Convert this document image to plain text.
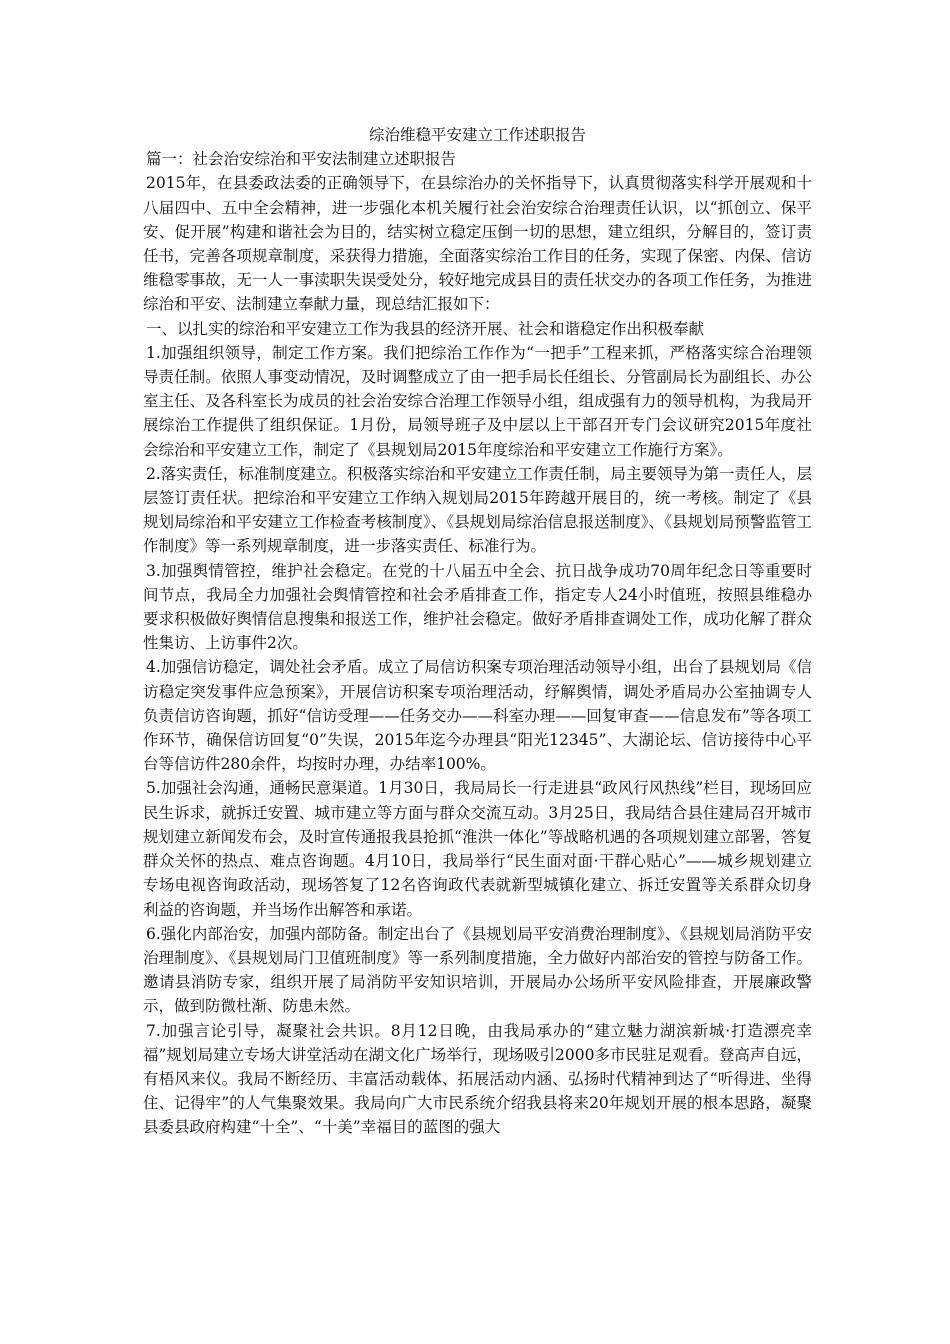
综治维稳平安建立工作述职报告

篇一：社会治安综治和平安法制建立述职报告

2015年，在县委政法委的正确领导下，在县综治办的关怀指导下，认真贯彻落实科学开展观和十八届四中、五中全会精神，进一步强化本机关履行社会治安综合治理责任认识，以“抓创立、保平安、促开展”构建和谐社会为目的，结实树立稳定压倒一切的思想，建立组织，分解目的，签订责任书，完善各项规章制度，采获得力措施，全面落实综治工作目的任务，实现了保密、内保、信访维稳零事故，无一人一事渎职失误受处分，较好地完成县目的责任状交办的各项工作任务，为推进综治和平安、法制建立奉献力量，现总结汇报如下：

一、以扎实的综治和平安建立工作为我县的经济开展、社会和谐稳定作出积极奉献

1.加强组织领导，制定工作方案。我们把综治工作作为“一把手”工程来抓，严格落实综合治理领导责任制。依照人事变动情况，及时调整成立了由一把手局长任组长、分管副局长为副组长、办公室主任、及各科室长为成员的社会治安综合治理工作领导小组，组成强有力的领导机构，为我局开展综治工作提供了组织保证。1月份，局领导班子及中层以上干部召开专门会议研究2015年度社会综治和平安建立工作，制定了《县规划局2015年度综治和平安建立工作施行方案》。

2.落实责任，标准制度建立。积极落实综治和平安建立工作责任制，局主要领导为第一责任人，层层签订责任状。把综治和平安建立工作纳入规划局2015年跨越开展目的，统一考核。制定了《县规划局综治和平安建立工作检查考核制度》、《县规划局综治信息报送制度》、《县规划局预警监管工作制度》等一系列规章制度，进一步落实责任、标准行为。

3.加强舆情管控，维护社会稳定。在党的十八届五中全会、抗日战争成功70周年纪念日等重要时间节点，我局全力加强社会舆情管控和社会矛盾排查工作，指定专人24小时值班，按照县维稳办要求积极做好舆情信息搜集和报送工作，维护社会稳定。做好矛盾排查调处工作，成功化解了群众性集访、上访事件2次。

4.加强信访稳定，调处社会矛盾。成立了局信访积案专项治理活动领导小组，出台了县规划局《信访稳定突发事件应急预案》，开展信访积案专项治理活动，纾解舆情，调处矛盾局办公室抽调专人负责信访咨询题，抓好“信访受理——任务交办——科室办理——回复审查——信息发布”等各项工作环节，确保信访回复“0”失误，2015年迄今办理县“阳光12345”、大湖论坛、信访接待中心平台等信访件280余件，均按时办理，办结率100%。

5.加强社会沟通，通畅民意渠道。1月30日，我局局长一行走进县“政风行风热线”栏目，现场回应民生诉求，就拆迁安置、城市建立等方面与群众交流互动。3月25日，我局结合县住建局召开城市规划建立新闻发布会，及时宣传通报我县抢抓“淮洪一体化”等战略机遇的各项规划建立部署，答复群众关怀的热点、难点咨询题。4月10日，我局举行“民生面对面·干群心贴心”——城乡规划建立专场电视咨询政活动，现场答复了12名咨询政代表就新型城镇化建立、拆迁安置等关系群众切身利益的咨询题，并当场作出解答和承诺。

6.强化内部治安，加强内部防备。制定出台了《县规划局平安消费治理制度》、《县规划局消防平安治理制度》、《县规划局门卫值班制度》等一系列制度措施，全力做好内部治安的管控与防备工作。邀请县消防专家，组织开展了局消防平安知识培训，开展局办公场所平安风险排查，开展廉政警示，做到防微杜渐、防患未然。

7.加强言论引导，凝聚社会共识。8月12日晚，由我局承办的“建立魅力湖滨新城·打造漂亮幸福”规划局建立专场大讲堂活动在湖文化广场举行，现场吸引2000多市民驻足观看。登高声自远，有梧风来仪。我局不断经历、丰富活动载体、拓展活动内涵、弘扬时代精神到达了“听得进、坐得住、记得牢”的人气集聚效果。我局向广大市民系统介绍我县将来20年规划开展的根本思路，凝聚县委县政府构建“十全”、“十美”幸福目的蓝图的强大
